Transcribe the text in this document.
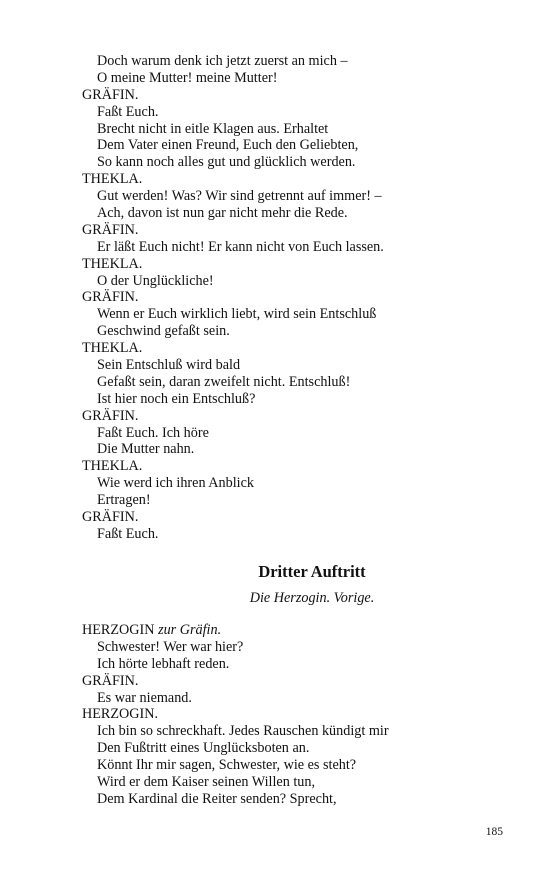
Doch warum denk ich jetzt zuerst an mich –
O meine Mutter! meine Mutter!
GRÄFIN.
Faßt Euch.
Brecht nicht in eitle Klagen aus. Erhaltet
Dem Vater einen Freund, Euch den Geliebten,
So kann noch alles gut und glücklich werden.
THEKLA.
Gut werden! Was? Wir sind getrennt auf immer! –
Ach, davon ist nun gar nicht mehr die Rede.
GRÄFIN.
Er läßt Euch nicht! Er kann nicht von Euch lassen.
THEKLA.
O der Unglückliche!
GRÄFIN.
Wenn er Euch wirklich liebt, wird sein Entschluß
Geschwind gefaßt sein.
THEKLA.
Sein Entschluß wird bald
Gefaßt sein, daran zweifelt nicht. Entschluß!
Ist hier noch ein Entschluß?
GRÄFIN.
Faßt Euch. Ich höre
Die Mutter nahn.
THEKLA.
Wie werd ich ihren Anblick
Ertragen!
GRÄFIN.
Faßt Euch.
Dritter Auftritt
Die Herzogin. Vorige.
HERZOGIN zur Gräfin.
Schwester! Wer war hier?
Ich hörte lebhaft reden.
GRÄFIN.
Es war niemand.
HERZOGIN.
Ich bin so schreckhaft. Jedes Rauschen kündigt mir
Den Fußtritt eines Unglücksboten an.
Könnt Ihr mir sagen, Schwester, wie es steht?
Wird er dem Kaiser seinen Willen tun,
Dem Kardinal die Reiter senden? Sprecht,
185
